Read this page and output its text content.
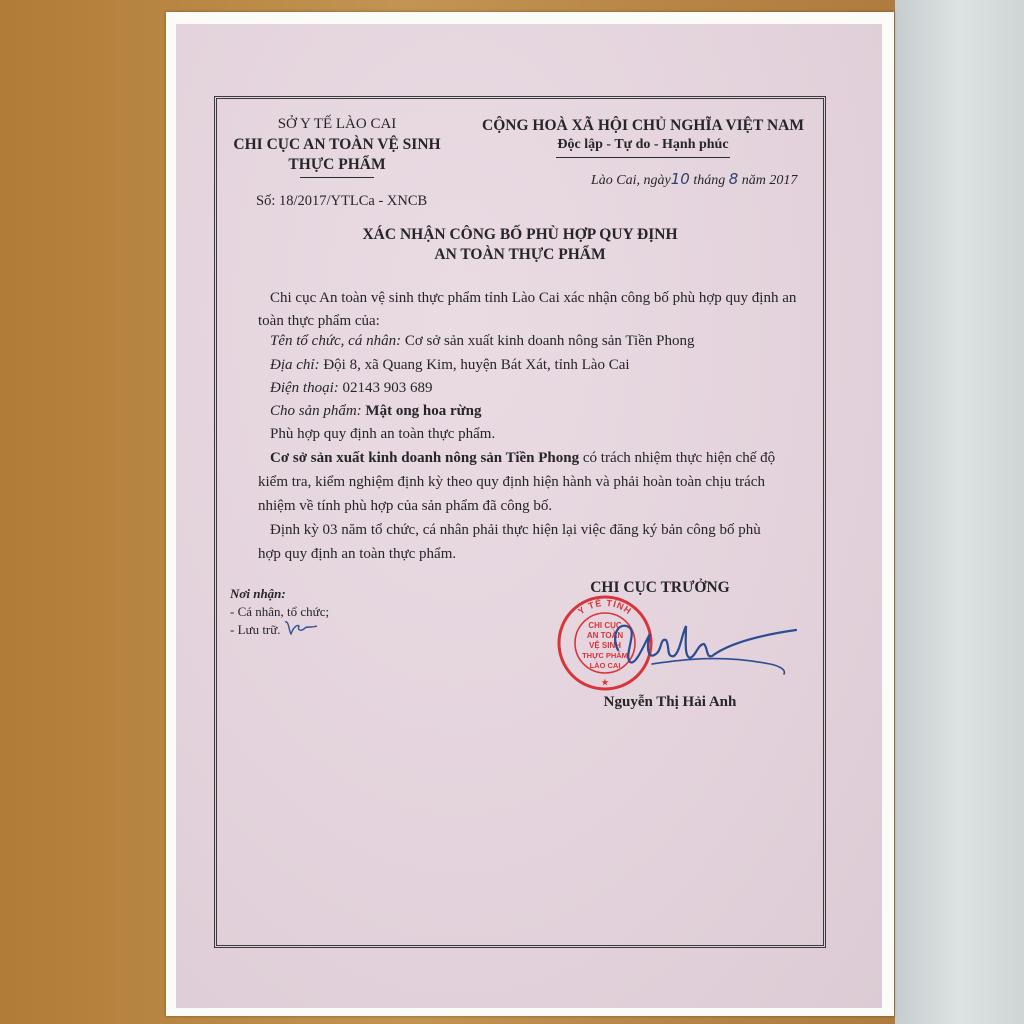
SỞ Y TẾ LÀO CAI
CHI CỤC AN TOÀN VỆ SINH
THỰC PHẨM
CỘNG HOÀ XÃ HỘI CHỦ NGHĨA VIỆT NAM
Độc lập - Tự do - Hạnh phúc
Lào Cai, ngày10 tháng 8 năm 2017
Số: 18/2017/YTLCa - XNCB
XÁC NHẬN CÔNG BỐ PHÙ HỢP QUY ĐỊNH
AN TOÀN THỰC PHẨM
Chi cục An toàn vệ sinh thực phẩm tỉnh Lào Cai xác nhận công bố phù hợp quy định an
toàn thực phẩm của:
Tên tổ chức, cá nhân: Cơ sở sản xuất kinh doanh nông sản Tiền Phong
Địa chỉ: Đội 8, xã Quang Kim, huyện Bát Xát, tỉnh Lào Cai
Điện thoại: 02143 903 689
Cho sản phẩm: Mật ong hoa rừng
Phù hợp quy định an toàn thực phẩm.
Cơ sở sản xuất kinh doanh nông sản Tiền Phong có trách nhiệm thực hiện chế độ
kiểm tra, kiểm nghiệm định kỳ theo quy định hiện hành và phải hoàn toàn chịu trách
nhiệm về tính phù hợp của sản phẩm đã công bố.
Định kỳ 03 năm tổ chức, cá nhân phải thực hiện lại việc đăng ký bản công bố phù
hợp quy định an toàn thực phẩm.
Nơi nhận:
- Cá nhân, tổ chức;
- Lưu trữ.
CHI CỤC TRƯỞNG
Y TẾ TỈNH
CHI CỤC
AN TOÀN
VỆ SINH
THỰC PHẨM
LÀO CAI
★
Nguyễn Thị Hải Anh
